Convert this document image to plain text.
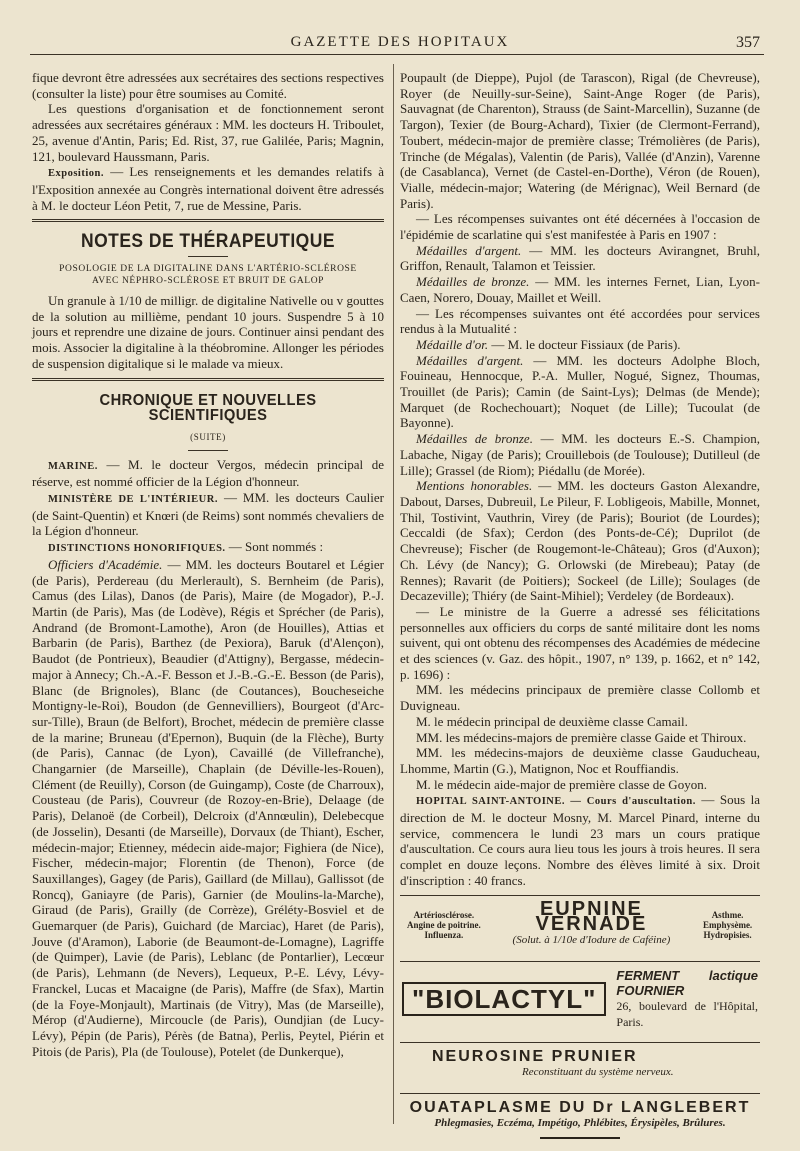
GAZETTE DES HOPITAUX	357

fique devront être adressées aux secrétaires des sections respectives (consulter la liste) pour être soumises au Comité.

Les questions d'organisation et de fonctionnement seront adressées aux secrétaires généraux : MM. les docteurs H. Triboulet, 25, avenue d'Antin, Paris; Ed. Rist, 37, rue Galilée, Paris; Magnin, 121, boulevard Haussmann, Paris.

Exposition. — Les renseignements et les demandes relatifs à l'Exposition annexée au Congrès international doivent être adressés à M. le docteur Léon Petit, 7, rue de Messine, Paris.

NOTES DE THÉRAPEUTIQUE
POSOLOGIE DE LA DIGITALINE DANS L'ARTÉRIO-SCLÉROSE
AVEC NÉPHRO-SCLÉROSE ET BRUIT DE GALOP

Un granule à 1/10 de milligr. de digitaline Nativelle ou v gouttes de la solution au millième, pendant 10 jours. Suspendre 5 à 10 jours et reprendre une dizaine de jours. Continuer ainsi pendant des mois. Associer la digitaline à la théobromine. Allonger les périodes de suspension digitalique si le malade va mieux.

CHRONIQUE ET NOUVELLES SCIENTIFIQUES
(SUITE)

MARINE. — M. le docteur Vergos, médecin principal de réserve, est nommé officier de la Légion d'honneur.

MINISTÈRE DE L'INTÉRIEUR. — MM. les docteurs Caulier (de Saint-Quentin) et Knœri (de Reims) sont nommés chevaliers de la Légion d'honneur.

DISTINCTIONS HONORIFIQUES. — Sont nommés :

Officiers d'Académie. — MM. les docteurs Boutarel et Légier (de Paris), Perdereau (du Merlerault), S. Bernheim (de Paris), Camus (des Lilas), Danos (de Paris), Maire (de Mogador), P.-J. Martin (de Paris), Mas (de Lodève), Régis et Sprécher (de Paris), Andrand (de Bromont-Lamothe), Aron (de Houilles), Attias et Barbarin (de Paris), Barthez (de Pexiora), Baruk (d'Alençon), Baudot (de Pontrieux), Beaudier (d'Attigny), Bergasse, médecin-major à Annecy; Ch.-A.-F. Besson et J.-B.-G.-E. Besson (de Paris), Blanc (de Brignoles), Blanc (de Coutances), Boucheseiche Montigny-le-Roi), Boudon (de Gennevilliers), Bourgeot (d'Arc-sur-Tille), Braun (de Belfort), Brochet, médecin de première classe de la marine; Bruneau (d'Epernon), Buquin (de la Flèche), Burty (de Paris), Cannac (de Lyon), Cavaillé (de Villefranche), Changarnier (de Marseille), Chaplain (de Déville-les-Rouen), Clément (de Reuilly), Corson (de Guingamp), Coste (de Charroux), Cousteau (de Paris), Couvreur (de Rozoy-en-Brie), Delaage (de Paris), Delanoë (de Corbeil), Delcroix (d'Annœulin), Delebecque (de Josselin), Desanti (de Marseille), Dorvaux (de Thiant), Escher, médecin-major; Etienney, médecin aide-major; Fighiera (de Nice), Fischer, médecin-major; Florentin (de Thenon), Force (de Sauxillanges), Gagey (de Paris), Gaillard (de Millau), Gallissot (de Roncq), Ganiayre (de Paris), Garnier (de Moulins-la-Marche), Giraud (de Paris), Grailly (de Corrèze), Gréléty-Bosviel et de Guemarquer (de Paris), Guichard (de Marciac), Haret (de Paris), Jouve (d'Aramon), Laborie (de Beaumont-de-Lomagne), Lagriffe (de Quimper), Lavie (de Paris), Leblanc (de Pontarlier), Lecœur (de Paris), Lehmann (de Nevers), Lequeux, P.-E. Lévy, Lévy-Franckel, Lucas et Macaigne (de Paris), Maffre (de Sfax), Martin (de la Foye-Monjault), Martinais (de Vitry), Mas (de Marseille), Mérop (d'Audierne), Mircoucle (de Paris), Oundjian (de Lucy-Lévy), Pépin (de Paris), Pérès (de Batna), Perlis, Peytel, Piérin et Pitois (de Paris), Pla (de Toulouse), Potelet (de Dunkerque),

Poupault (de Dieppe), Pujol (de Tarascon), Rigal (de Chevreuse), Royer (de Neuilly-sur-Seine), Saint-Ange Roger (de Paris), Sauvagnat (de Charenton), Strauss (de Saint-Marcellin), Suzanne (de Targon), Texier (de Bourg-Achard), Tixier (de Clermont-Ferrand), Toubert, médecin-major de première classe; Trémolières (de Paris), Trinche (de Mégalas), Valentin (de Paris), Vallée (d'Anzin), Varenne (de Casablanca), Vernet (de Castel-en-Dorthe), Véron (de Rouen), Vialle, médecin-major; Watering (de Mérignac), Weil Bernard (de Paris).

— Les récompenses suivantes ont été décernées à l'occasion de l'épidémie de scarlatine qui s'est manifestée à Paris en 1907 :

Médailles d'argent. — MM. les docteurs Avirangnet, Bruhl, Griffon, Renault, Talamon et Teissier.

Médailles de bronze. — MM. les internes Fernet, Lian, Lyon-Caen, Norero, Douay, Maillet et Weill.

— Les récompenses suivantes ont été accordées pour services rendus à la Mutualité :

Médaille d'or. — M. le docteur Fissiaux (de Paris).

Médailles d'argent. — MM. les docteurs Adolphe Bloch, Fouineau, Hennocque, P.-A. Muller, Nogué, Signez, Thoumas, Trouillet (de Paris); Camin (de Saint-Lys); Delmas (de Mende); Marquet (de Rochechouart); Noquet (de Lille); Tucoulat (de Bayonne).

Médailles de bronze. — MM. les docteurs E.-S. Champion, Labache, Nigay (de Paris); Crouillebois (de Toulouse); Dutilleul (de Lille); Grassel (de Riom); Piédallu (de Morée).

Mentions honorables. — MM. les docteurs Gaston Alexandre, Dabout, Darses, Dubreuil, Le Pileur, F. Lobligeois, Mabille, Monnet, Thil, Tostivint, Vauthrin, Virey (de Paris); Bouriot (de Lourdes); Ceccaldi (de Sfax); Cerdon (des Ponts-de-Cé); Duprilot (de Chevreuse); Fischer (de Rougemont-le-Château); Gros (d'Auxon); Ch. Lévy (de Nancy); G. Orlowski (de Mirebeau); Patay (de Rennes); Ravarit (de Poitiers); Sockeel (de Lille); Soulages (de Decazeville); Thiéry (de Saint-Mihiel); Verdeley (de Bordeaux).

— Le ministre de la Guerre a adressé ses félicitations personnelles aux officiers du corps de santé militaire dont les noms suivent, qui ont obtenu des récompenses des Académies de médecine et des sciences (v. Gaz. des hôpit., 1907, n° 139, p. 1662, et n° 142, p. 1696) :

MM. les médecins principaux de première classe Collomb et Duvigneau.

M. le médecin principal de deuxième classe Camail.

MM. les médecins-majors de première classe Gaide et Thiroux.

MM. les médecins-majors de deuxième classe Gauducheau, Lhomme, Martin (G.), Matignon, Noc et Rouffiandis.

M. le médecin aide-major de première classe de Goyon.

HOPITAL SAINT-ANTOINE. — Cours d'auscultation. — Sous la direction de M. le docteur Mosny, M. Marcel Pinard, interne du service, commencera le lundi 23 mars un cours pratique d'auscultation. Ce cours aura lieu tous les jours à trois heures. Il sera complet en douze leçons. Nombre des élèves limité à six. Droit d'inscription : 40 francs.

Artériosclérose. Angine de poitrine. Influenza.
EUPNINE VERNADE
(Solut. à 1/10e d'Iodure de Caféine)
Asthme. Emphysème. Hydropisies.
"BIOLACTYL"
FERMENT lactique FOURNIER
26, boulevard de l'Hôpital, Paris.
NEUROSINE PRUNIER
Reconstituant du système nerveux.
OUATAPLASME DU Dr LANGLEBERT
Phlegmasies, Eczéma, Impétigo, Phlébites, Érysipèles, Brûlures.
